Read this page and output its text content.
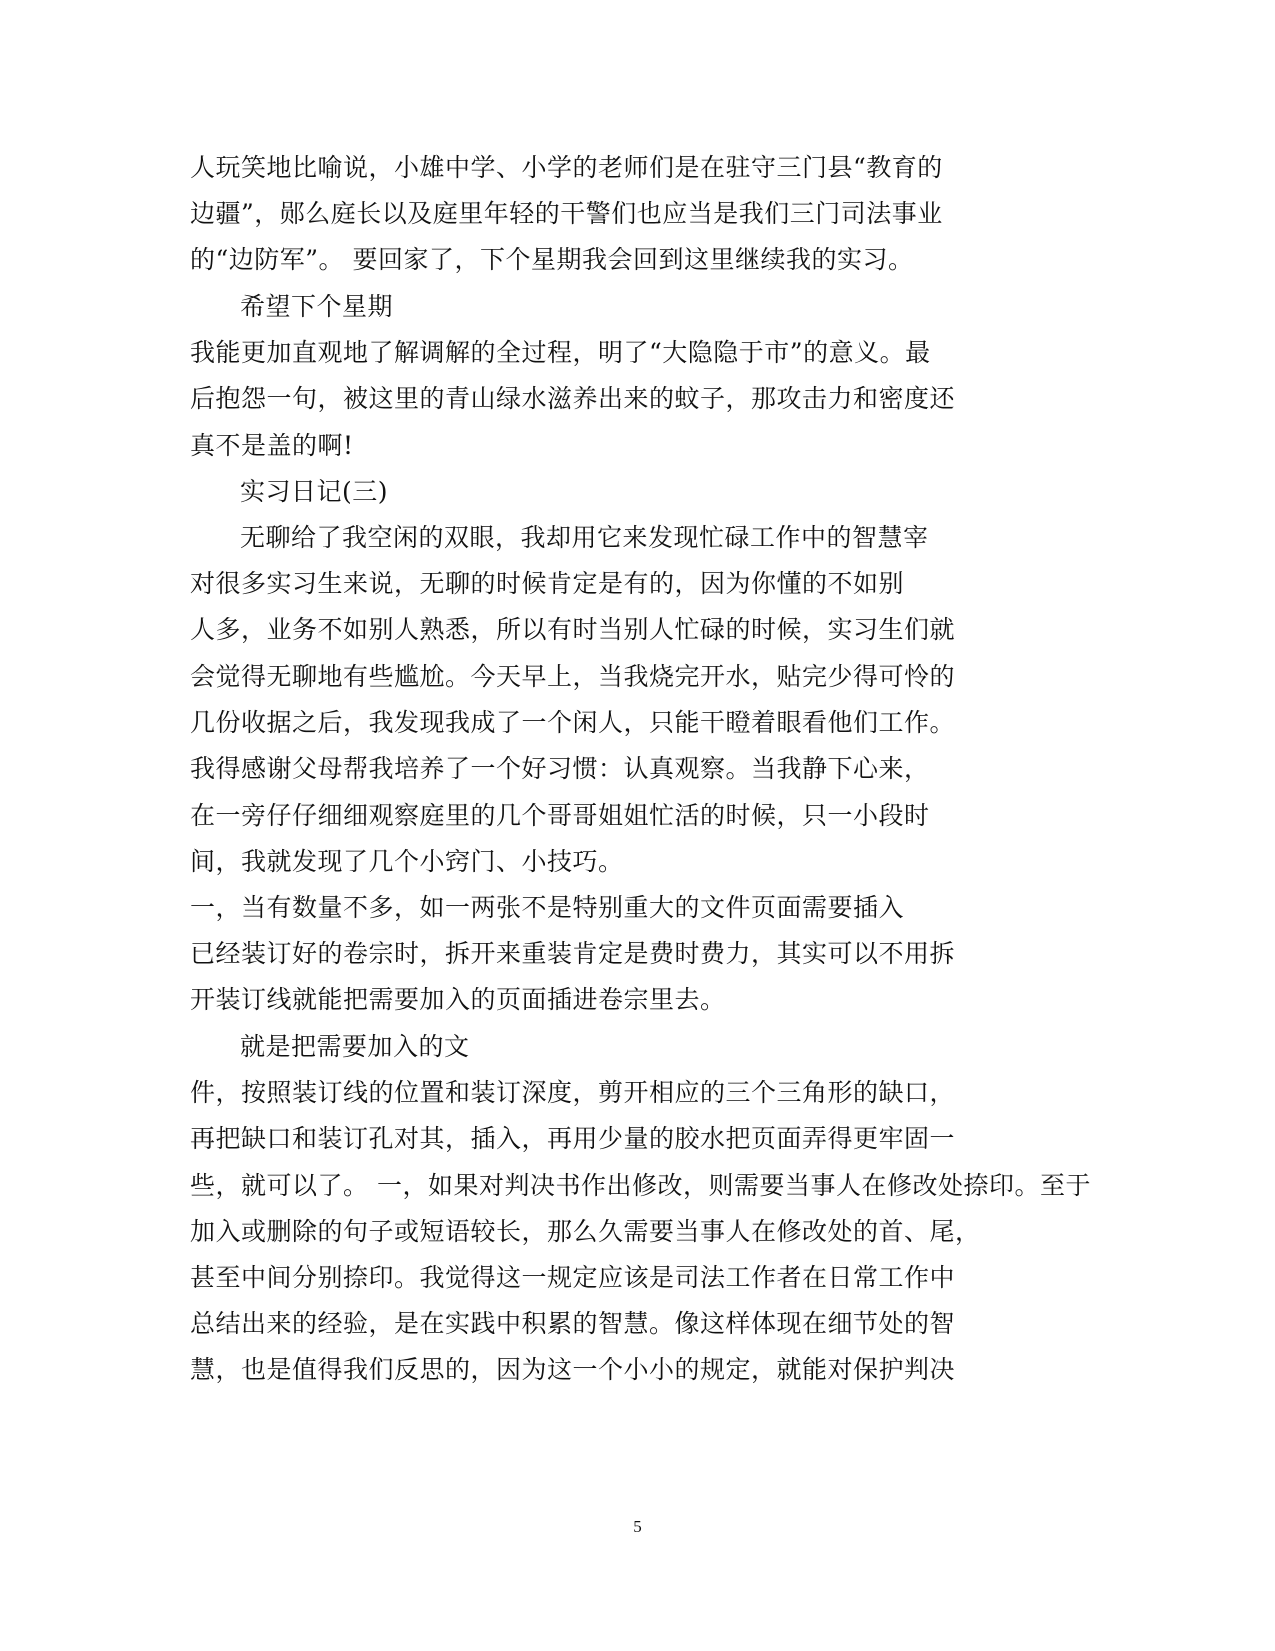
人玩笑地比喻说，小雄中学、小学的老师们是在驻守三门县“教育的
边疆”，郧么庭长以及庭里年轻的干警们也应当是我们三门司法事业
的“边防军”。 要回家了，下个星期我会回到这里继续我的实习。
希望下个星期
我能更加直观地了解调解的全过程，明了“大隐隐于市”的意义。最
后抱怨一句，被这里的青山绿水滋养出来的蚊子，那攻击力和密度还
真不是盖的啊!
实习日记(三)
无聊给了我空闲的双眼，我却用它来发现忙碌工作中的智慧宰
对很多实习生来说，无聊的时候肯定是有的，因为你懂的不如别
人多，业务不如别人熟悉，所以有时当别人忙碌的时候，实习生们就
会觉得无聊地有些尴尬。今天早上，当我烧完开水，贴完少得可怜的
几份收据之后，我发现我成了一个闲人，只能干瞪着眼看他们工作。
我得感谢父母帮我培养了一个好习惯：认真观察。当我静下心来，
在一旁仔仔细细观察庭里的几个哥哥姐姐忙活的时候，只一小段时
间，我就发现了几个小窍门、小技巧。
一，当有数量不多，如一两张不是特别重大的文件页面需要插入
已经装订好的卷宗时，拆开来重装肯定是费时费力，其实可以不用拆
开装订线就能把需要加入的页面插进卷宗里去。
就是把需要加入的文
件，按照装订线的位置和装订深度，剪开相应的三个三角形的缺口，
再把缺口和装订孔对其，插入，再用少量的胶水把页面弄得更牢固一
些，就可以了。 一，如果对判决书作出修改，则需要当事人在修改处捺印。至于
加入或删除的句子或短语较长，那么久需要当事人在修改处的首、尾，
甚至中间分别捺印。我觉得这一规定应该是司法工作者在日常工作中
总结出来的经验，是在实践中积累的智慧。像这样体现在细节处的智
慧，也是值得我们反思的，因为这一个小小的规定，就能对保护判决
5
